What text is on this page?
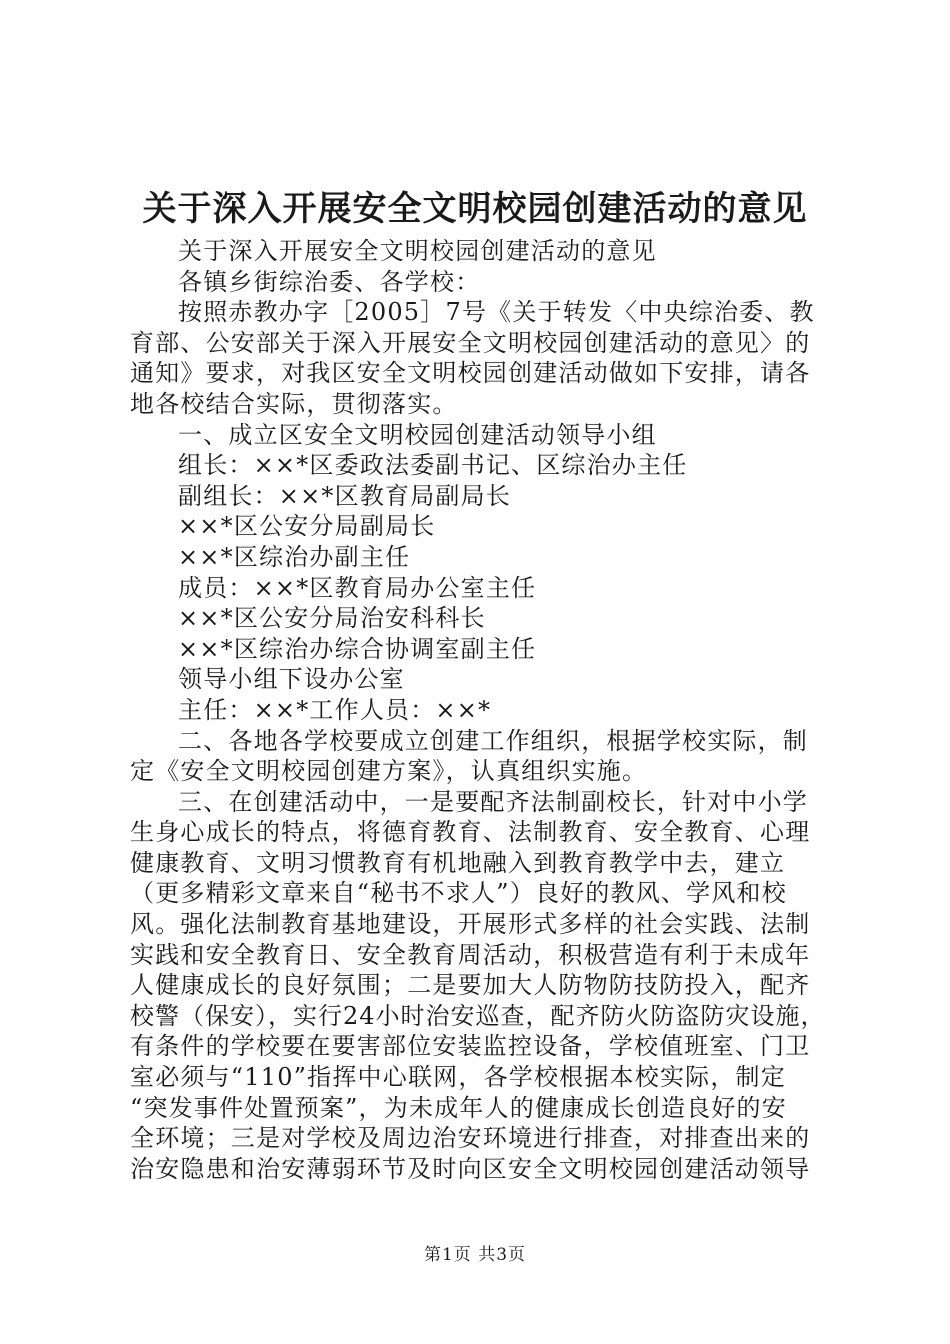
关于深入开展安全文明校园创建活动的意见
关于深入开展安全文明校园创建活动的意见
各镇乡街综治委、各学校：
按照赤教办字［2005］7号《关于转发〈中央综治委、教
育部、公安部关于深入开展安全文明校园创建活动的意见〉的
通知》要求，对我区安全文明校园创建活动做如下安排，请各
地各校结合实际，贯彻落实。
一、成立区安全文明校园创建活动领导小组
组长：××*区委政法委副书记、区综治办主任
副组长：××*区教育局副局长
××*区公安分局副局长
××*区综治办副主任
成员：××*区教育局办公室主任
××*区公安分局治安科科长
××*区综治办综合协调室副主任
领导小组下设办公室
主任：××*工作人员：××*
二、各地各学校要成立创建工作组织，根据学校实际，制
定《安全文明校园创建方案》，认真组织实施。
三、在创建活动中，一是要配齐法制副校长，针对中小学
生身心成长的特点，将德育教育、法制教育、安全教育、心理
健康教育、文明习惯教育有机地融入到教育教学中去，建立
（更多精彩文章来自“秘书不求人”）良好的教风、学风和校
风。强化法制教育基地建设，开展形式多样的社会实践、法制
实践和安全教育日、安全教育周活动，积极营造有利于未成年
人健康成长的良好氛围；二是要加大人防物防技防投入，配齐
校警（保安），实行24小时治安巡查，配齐防火防盗防灾设施，
有条件的学校要在要害部位安装监控设备，学校值班室、门卫
室必须与“110”指挥中心联网，各学校根据本校实际，制定
“突发事件处置预案”，为未成年人的健康成长创造良好的安
全环境；三是对学校及周边治安环境进行排查，对排查出来的
治安隐患和治安薄弱环节及时向区安全文明校园创建活动领导
第1页 共3页
